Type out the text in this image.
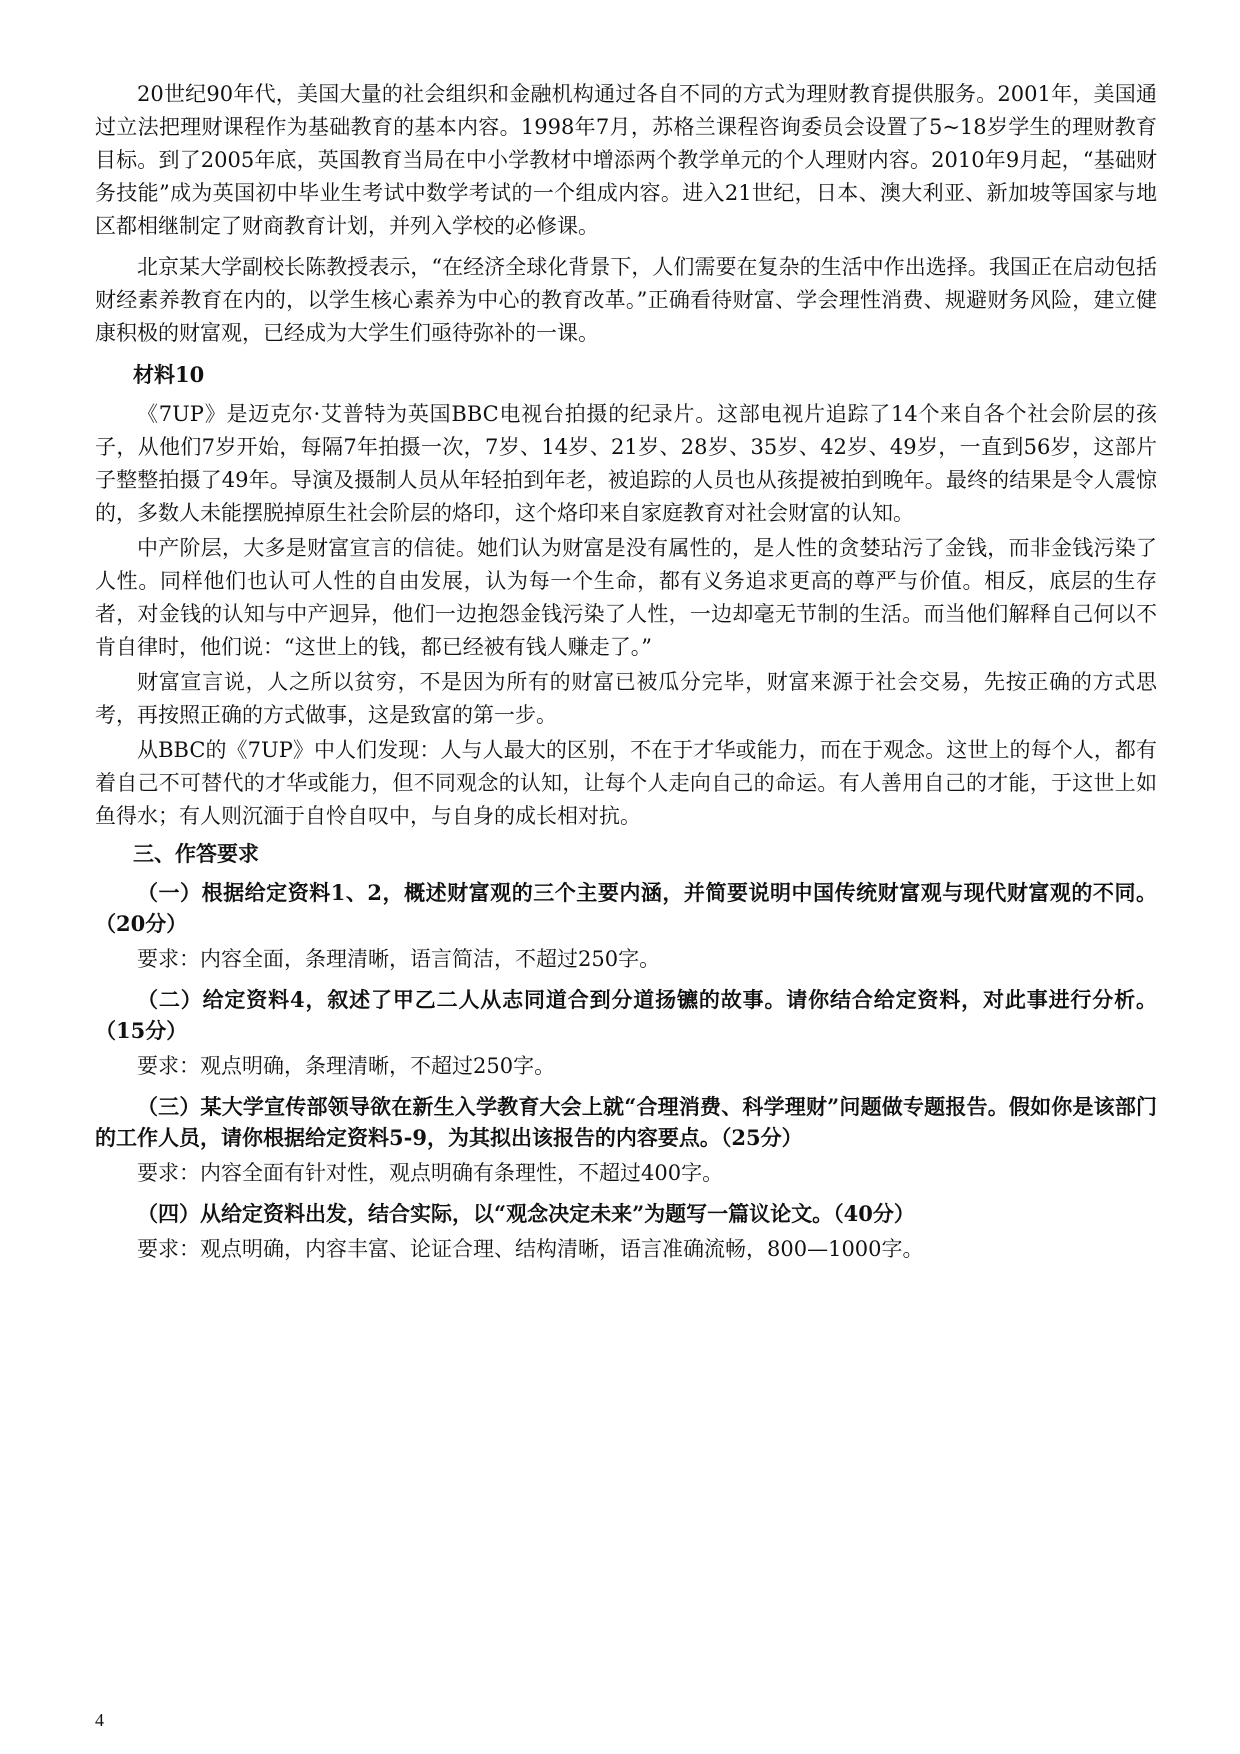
20世纪90年代，美国大量的社会组织和金融机构通过各自不同的方式为理财教育提供服务。2001年，美国通过立法把理财课程作为基础教育的基本内容。1998年7月，苏格兰课程咨询委员会设置了5~18岁学生的理财教育目标。到了2005年底，英国教育当局在中小学教材中增添两个教学单元的个人理财内容。2010年9月起，“基础财务技能”成为英国初中毕业生考试中数学考试的一个组成内容。进入21世纪，日本、澳大利亚、新加坡等国家与地区都相继制定了财商教育计划，并列入学校的必修课。

北京某大学副校长陈教授表示，“在经济全球化背景下，人们需要在复杂的生活中作出选择。我国正在启动包括财经素养教育在内的，以学生核心素养为中心的教育改革。”正确看待财富、学会理性消费、规避财务风险，建立健康积极的财富观，已经成为大学生们亟待弥补的一课。

材料10

《7UP》是迈克尔·艾普特为英国BBC电视台拍摄的纪录片。这部电视片追踪了14个来自各个社会阶层的孩子，从他们7岁开始，每隔7年拍摄一次，7岁、14岁、21岁、28岁、35岁、42岁、49岁，一直到56岁，这部片子整整拍摄了49年。导演及摄制人员从年轻拍到年老，被追踪的人员也从孩提被拍到晚年。最终的结果是令人震惊的，多数人未能摆脱掉原生社会阶层的烙印，这个烙印来自家庭教育对社会财富的认知。

中产阶层，大多是财富宣言的信徒。她们认为财富是没有属性的，是人性的贪婪玷污了金钱，而非金钱污染了人性。同样他们也认可人性的自由发展，认为每一个生命，都有义务追求更高的尊严与价值。相反，底层的生存者，对金钱的认知与中产迥异，他们一边抱怨金钱污染了人性，一边却毫无节制的生活。而当他们解释自己何以不肯自律时，他们说：“这世上的钱，都已经被有钱人赚走了。”

财富宣言说，人之所以贫穷，不是因为所有的财富已被瓜分完毕，财富来源于社会交易，先按正确的方式思考，再按照正确的方式做事，这是致富的第一步。

从BBC的《7UP》中人们发现：人与人最大的区别，不在于才华或能力，而在于观念。这世上的每个人，都有着自己不可替代的才华或能力，但不同观念的认知，让每个人走向自己的命运。有人善用自己的才能，于这世上如鱼得水；有人则沉湎于自怜自叹中，与自身的成长相对抗。

三、作答要求

（一）根据给定资料1、2，概述财富观的三个主要内涵，并简要说明中国传统财富观与现代财富观的不同。（20分）

要求：内容全面，条理清晰，语言简洁，不超过250字。

（二）给定资料4，叙述了甲乙二人从志同道合到分道扬镳的故事。请你结合给定资料，对此事进行分析。（15分）

要求：观点明确，条理清晰，不超过250字。

（三）某大学宣传部领导欲在新生入学教育大会上就“合理消费、科学理财”问题做专题报告。假如你是该部门的工作人员，请你根据给定资料5-9，为其拟出该报告的内容要点。（25分）

要求：内容全面有针对性，观点明确有条理性，不超过400字。

（四）从给定资料出发，结合实际，以“观念决定未来”为题写一篇议论文。（40分）

要求：观点明确，内容丰富、论证合理、结构清晰，语言准确流畅，800—1000字。

4
